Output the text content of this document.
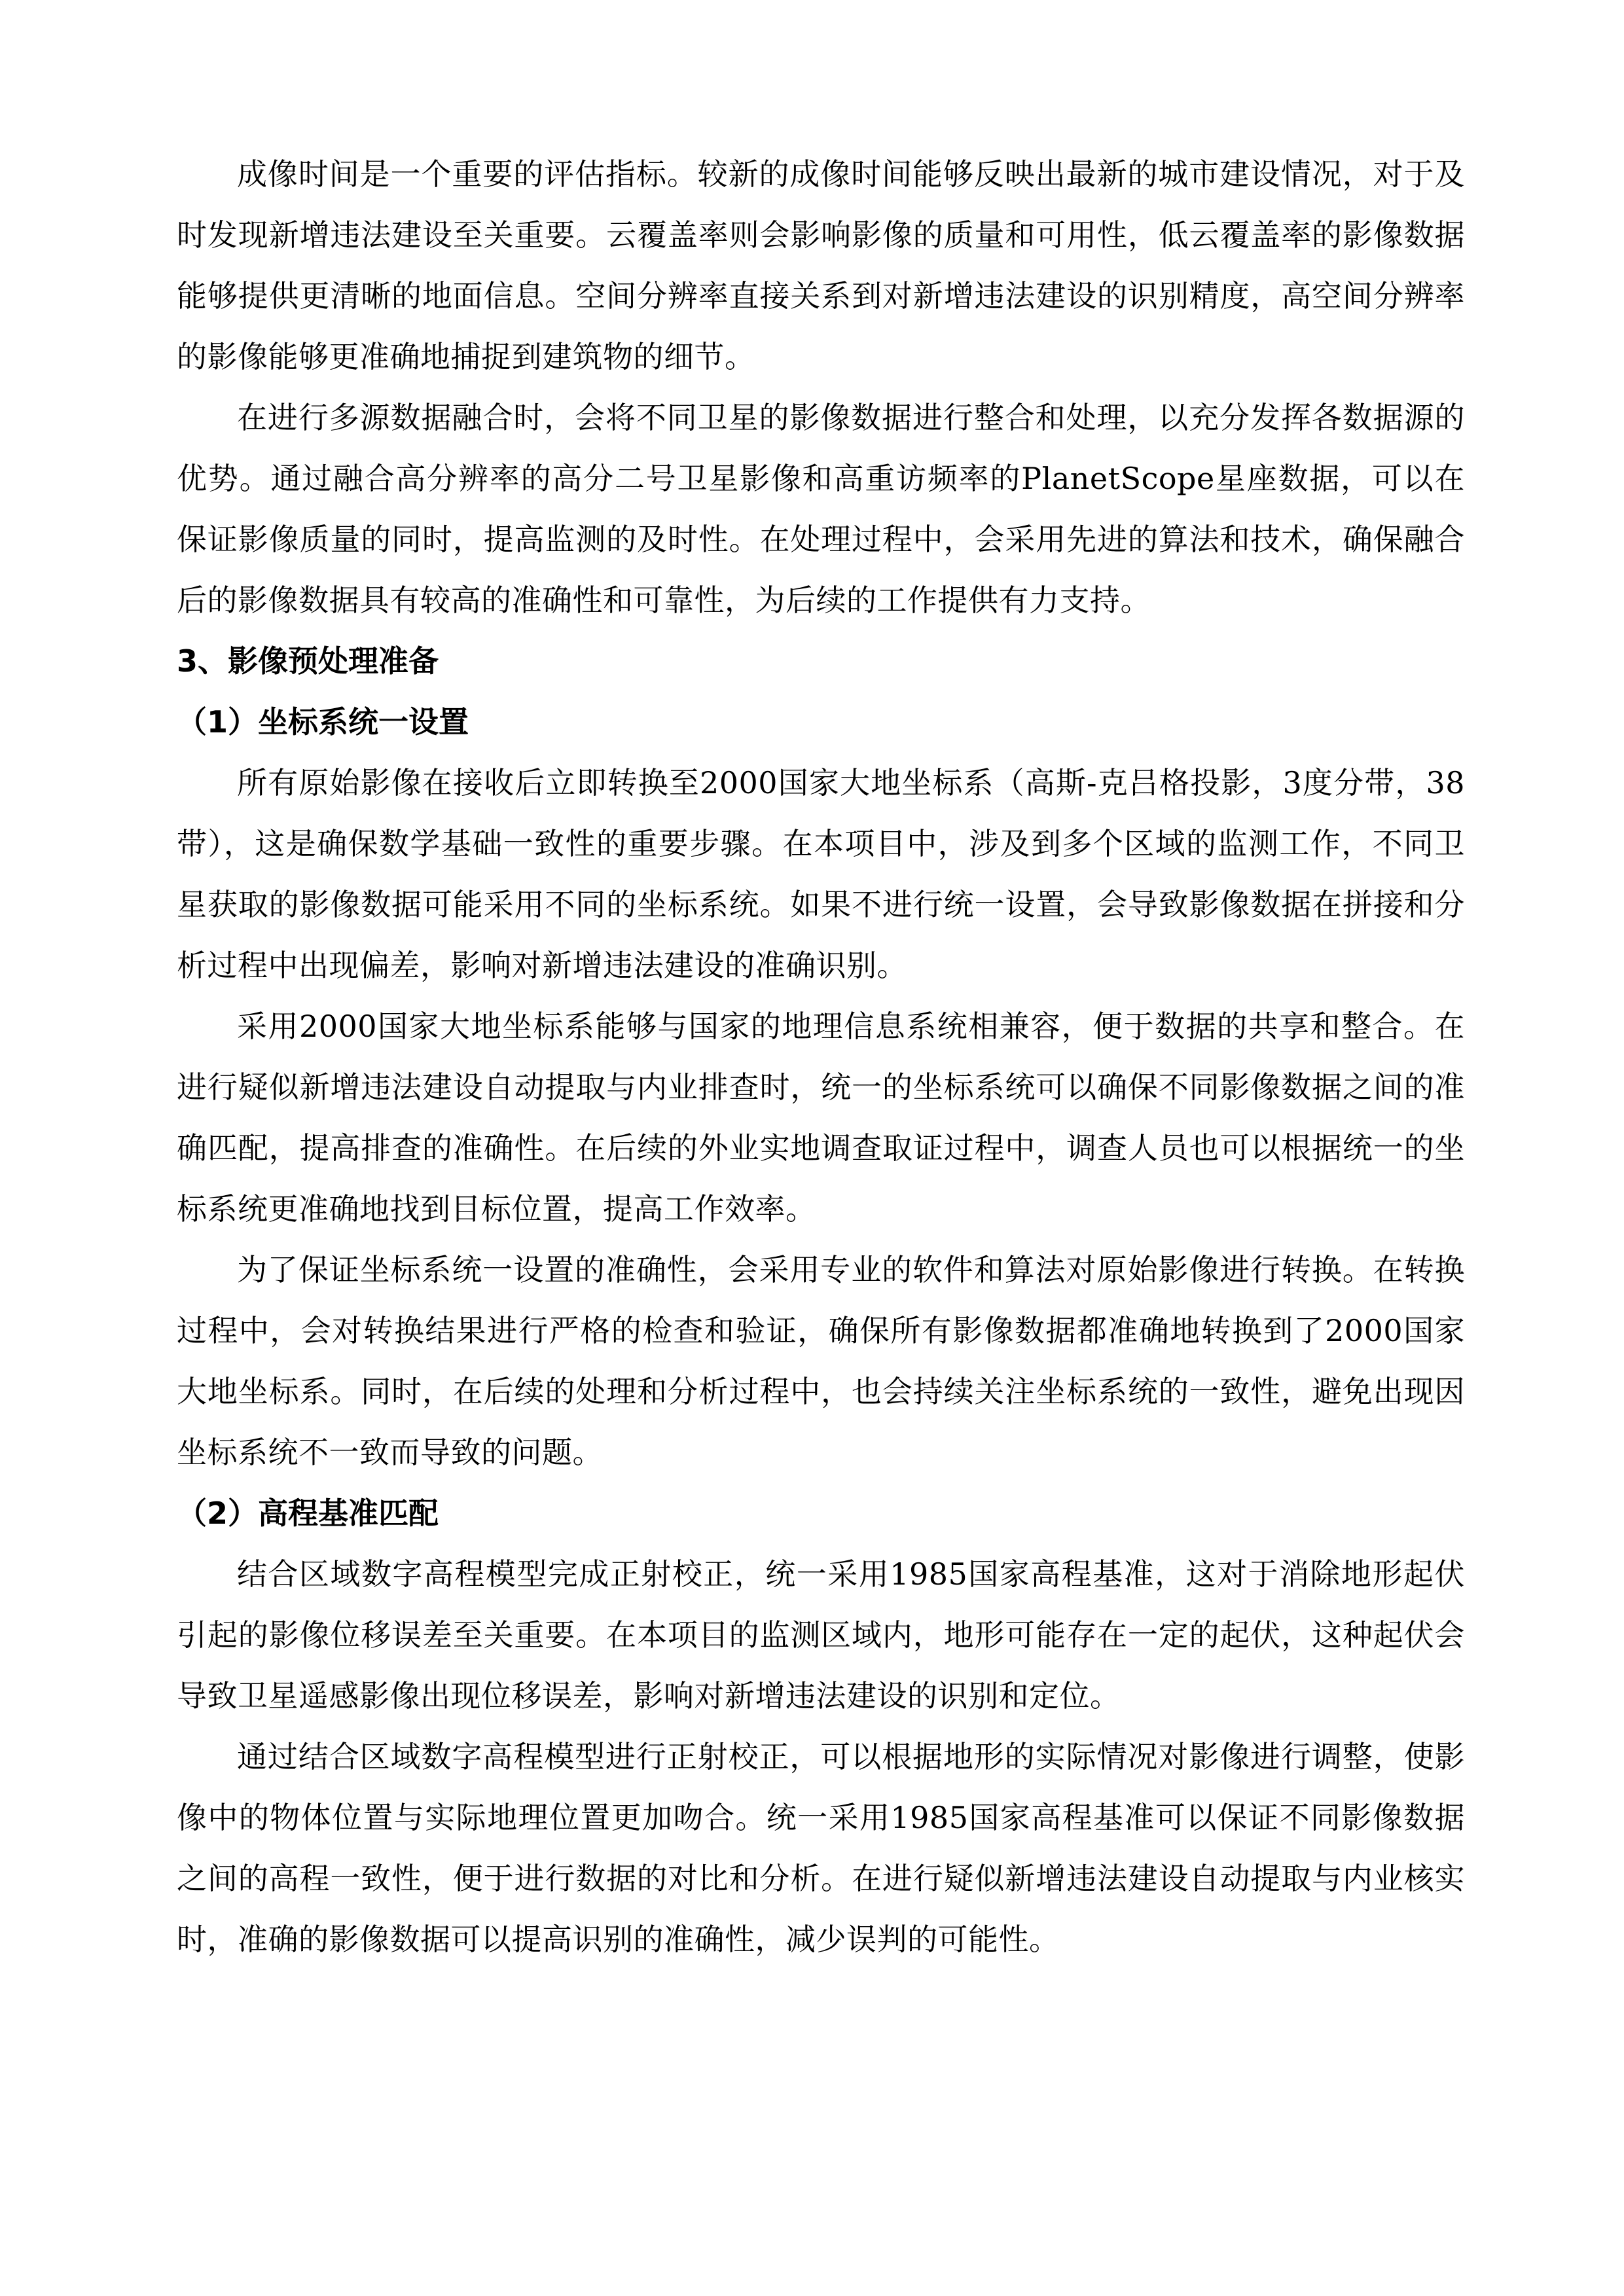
成像时间是一个重要的评估指标。较新的成像时间能够反映出最新的城市建设情况，对于及时发现新增违法建设至关重要。云覆盖率则会影响影像的质量和可用性，低云覆盖率的影像数据能够提供更清晰的地面信息。空间分辨率直接关系到对新增违法建设的识别精度，高空间分辨率的影像能够更准确地捕捉到建筑物的细节。

在进行多源数据融合时，会将不同卫星的影像数据进行整合和处理，以充分发挥各数据源的优势。通过融合高分辨率的高分二号卫星影像和高重访频率的PlanetScope星座数据，可以在保证影像质量的同时，提高监测的及时性。在处理过程中，会采用先进的算法和技术，确保融合后的影像数据具有较高的准确性和可靠性，为后续的工作提供有力支持。

3、影像预处理准备

（1）坐标系统一设置

所有原始影像在接收后立即转换至2000国家大地坐标系（高斯-克吕格投影，3度分带，38带），这是确保数学基础一致性的重要步骤。在本项目中，涉及到多个区域的监测工作，不同卫星获取的影像数据可能采用不同的坐标系统。如果不进行统一设置，会导致影像数据在拼接和分析过程中出现偏差，影响对新增违法建设的准确识别。

采用2000国家大地坐标系能够与国家的地理信息系统相兼容，便于数据的共享和整合。在进行疑似新增违法建设自动提取与内业排查时，统一的坐标系统可以确保不同影像数据之间的准确匹配，提高排查的准确性。在后续的外业实地调查取证过程中，调查人员也可以根据统一的坐标系统更准确地找到目标位置，提高工作效率。

为了保证坐标系统一设置的准确性，会采用专业的软件和算法对原始影像进行转换。在转换过程中，会对转换结果进行严格的检查和验证，确保所有影像数据都准确地转换到了2000国家大地坐标系。同时，在后续的处理和分析过程中，也会持续关注坐标系统的一致性，避免出现因坐标系统不一致而导致的问题。

（2）高程基准匹配

结合区域数字高程模型完成正射校正，统一采用1985国家高程基准，这对于消除地形起伏引起的影像位移误差至关重要。在本项目的监测区域内，地形可能存在一定的起伏，这种起伏会导致卫星遥感影像出现位移误差，影响对新增违法建设的识别和定位。

通过结合区域数字高程模型进行正射校正，可以根据地形的实际情况对影像进行调整，使影像中的物体位置与实际地理位置更加吻合。统一采用1985国家高程基准可以保证不同影像数据之间的高程一致性，便于进行数据的对比和分析。在进行疑似新增违法建设自动提取与内业核实时，准确的影像数据可以提高识别的准确性，减少误判的可能性。
